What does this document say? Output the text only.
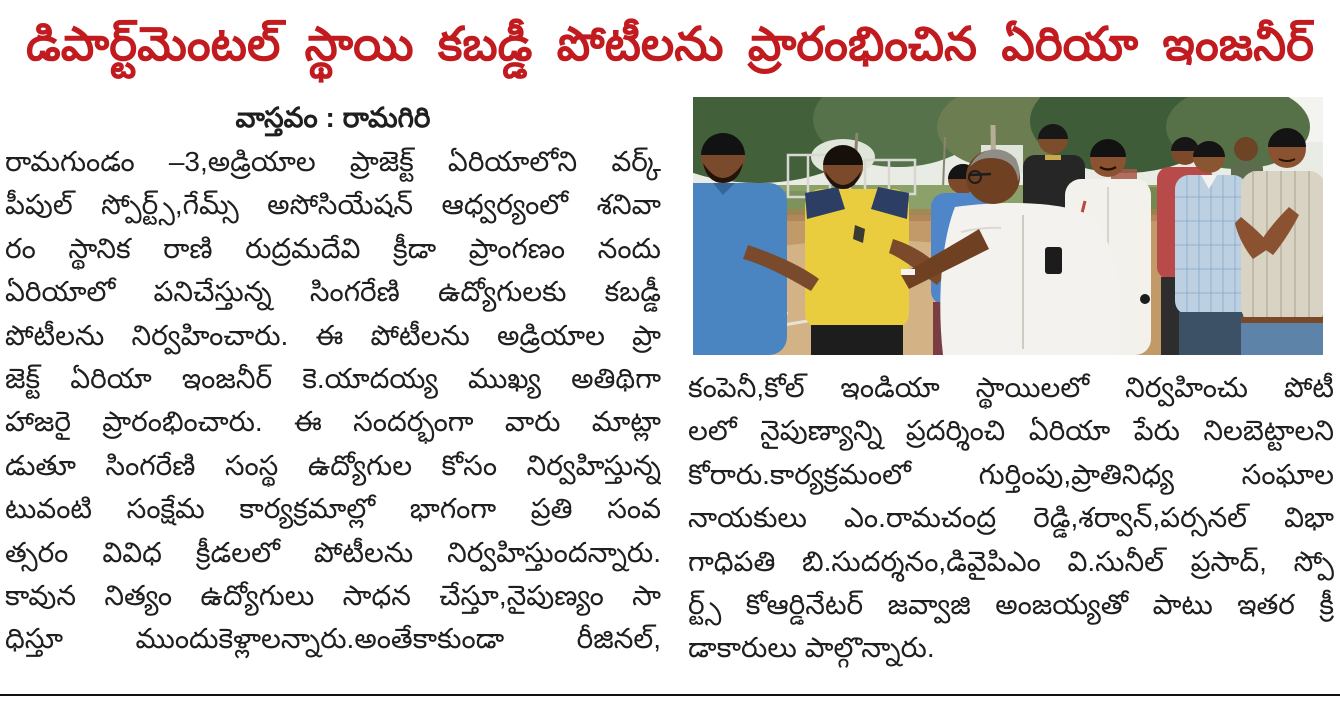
డిపార్ట్‌మెంటల్ స్థాయి కబడ్డీ పోటీలను ప్రారంభించిన ఏరియా ఇంజనీర్
వాస్తవం : రామగిరి
రామగుండం –3,అడ్రియాల ప్రాజెక్ట్ ఏరియాలోని వర్క్
పీపుల్ స్పోర్ట్స్,గేమ్స్ అసోసియేషన్ ఆధ్వర్యంలో శనివా
రం స్థానిక రాణి రుద్రమదేవి క్రీడా ప్రాంగణం నందు
ఏరియాలో పనిచేస్తున్న సింగరేణి ఉద్యోగులకు కబడ్డీ
పోటీలను నిర్వహించారు. ఈ పోటీలను అడ్రియాల ప్రా
జెక్ట్ ఏరియా ఇంజనీర్ కె.యాదయ్య ముఖ్య అతిథిగా
హాజరై ప్రారంభించారు. ఈ సందర్భంగా వారు మాట్లా
డుతూ సింగరేణి సంస్థ ఉద్యోగుల కోసం నిర్వహిస్తున్న
టువంటి సంక్షేమ కార్యక్రమాల్లో భాగంగా ప్రతి సంవ
త్సరం వివిధ క్రీడలలో పోటీలను నిర్వహిస్తుందన్నారు.
కావున నిత్యం ఉద్యోగులు సాధన చేస్తూ,నైపుణ్యం సా
ధిస్తూ ముందుకెళ్లాలన్నారు.అంతేకాకుండా రీజినల్,
కంపెనీ,కోల్ ఇండియా స్థాయిలలో నిర్వహించు పోటీ
లలో నైపుణ్యాన్ని ప్రదర్శించి ఏరియా పేరు నిలబెట్టాలని
కోరారు.కార్యక్రమంలో గుర్తింపు,ప్రాతినిధ్య సంఘాల
నాయకులు ఎం.రామచంద్ర రెడ్డి,శర్వాన్,పర్సనల్ విభా
గాధిపతి బి.సుదర్శనం,డివైపిఎం వి.సునీల్ ప్రసాద్, స్పో
ర్ట్స్ కోఆర్డినేటర్ జవ్వాజి అంజయ్యతో పాటు ఇతర క్రీ
డాకారులు పాల్గొన్నారు.
